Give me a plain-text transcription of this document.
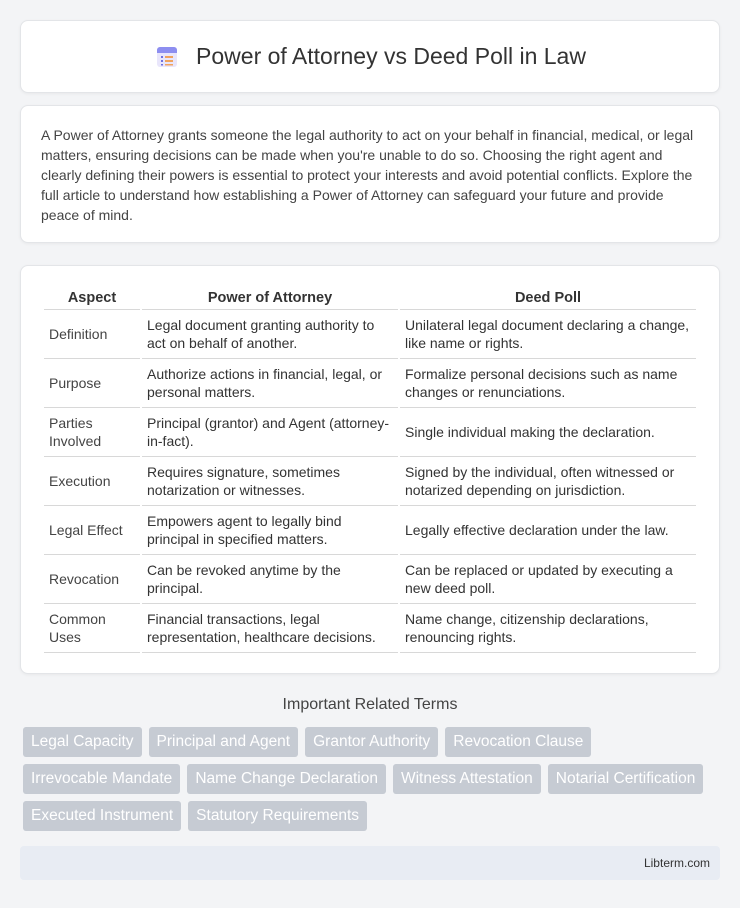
Power of Attorney vs Deed Poll in Law

A Power of Attorney grants someone the legal authority to act on your behalf in financial, medical, or legal matters, ensuring decisions can be made when you're unable to do so. Choosing the right agent and clearly defining their powers is essential to protect your interests and avoid potential conflicts. Explore the full article to understand how establishing a Power of Attorney can safeguard your future and provide peace of mind.

Aspect	Power of Attorney	Deed Poll
Definition	Legal document granting authority to act on behalf of another.	Unilateral legal document declaring a change, like name or rights.
Purpose	Authorize actions in financial, legal, or personal matters.	Formalize personal decisions such as name changes or renunciations.
Parties Involved	Principal (grantor) and Agent (attorney-in-fact).	Single individual making the declaration.
Execution	Requires signature, sometimes notarization or witnesses.	Signed by the individual, often witnessed or notarized depending on jurisdiction.
Legal Effect	Empowers agent to legally bind principal in specified matters.	Legally effective declaration under the law.
Revocation	Can be revoked anytime by the principal.	Can be replaced or updated by executing a new deed poll.
Common Uses	Financial transactions, legal representation, healthcare decisions.	Name change, citizenship declarations, renouncing rights.
Important Related Terms
Legal Capacity	Principal and Agent	Grantor Authority	Revocation Clause
Irrevocable Mandate	Name Change Declaration	Witness Attestation	Notarial Certification
Executed Instrument	Statutory Requirements
Libterm.com
